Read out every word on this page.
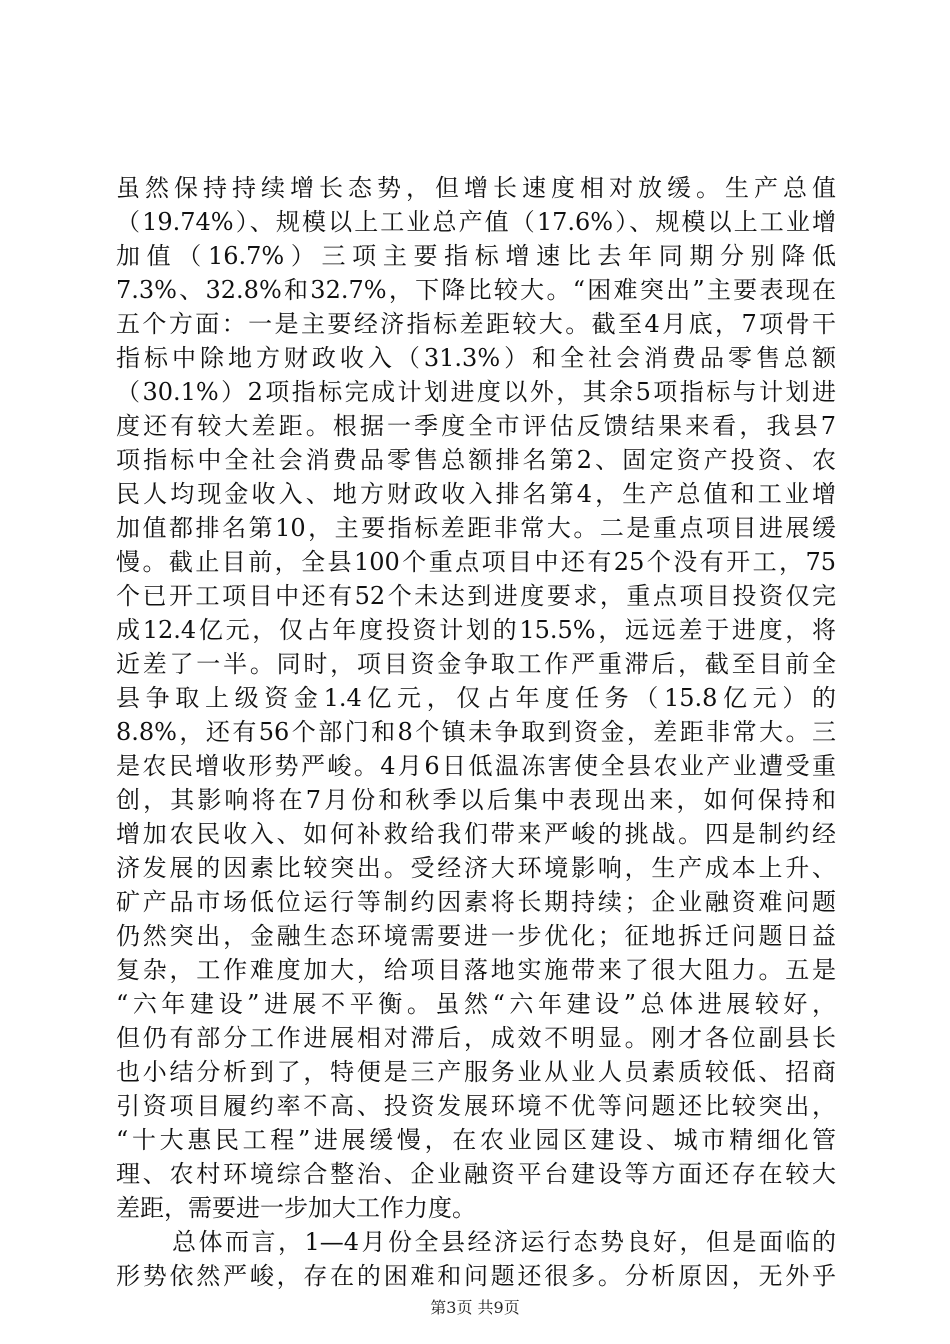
虽然保持持续增长态势，但增长速度相对放缓。生产总值
（19.74%）、规模以上工业总产值（17.6%）、规模以上工业增
加值（16.7%）三项主要指标增速比去年同期分别降低
7.3%、32.8%和32.7%，下降比较大。“困难突出”主要表现在
五个方面：一是主要经济指标差距较大。截至4月底，7项骨干
指标中除地方财政收入（31.3%）和全社会消费品零售总额
（30.1%）2项指标完成计划进度以外，其余5项指标与计划进
度还有较大差距。根据一季度全市评估反馈结果来看，我县7
项指标中全社会消费品零售总额排名第2、固定资产投资、农
民人均现金收入、地方财政收入排名第4，生产总值和工业增
加值都排名第10，主要指标差距非常大。二是重点项目进展缓
慢。截止目前，全县100个重点项目中还有25个没有开工，75
个已开工项目中还有52个未达到进度要求，重点项目投资仅完
成12.4亿元，仅占年度投资计划的15.5%，远远差于进度，将
近差了一半。同时，项目资金争取工作严重滞后，截至目前全
县争取上级资金1.4亿元，仅占年度任务（15.8亿元）的
8.8%，还有56个部门和8个镇未争取到资金，差距非常大。三
是农民增收形势严峻。4月6日低温冻害使全县农业产业遭受重
创，其影响将在7月份和秋季以后集中表现出来，如何保持和
增加农民收入、如何补救给我们带来严峻的挑战。四是制约经
济发展的因素比较突出。受经济大环境影响，生产成本上升、
矿产品市场低位运行等制约因素将长期持续；企业融资难问题
仍然突出，金融生态环境需要进一步优化；征地拆迁问题日益
复杂，工作难度加大，给项目落地实施带来了很大阻力。五是
“六年建设”进展不平衡。虽然“六年建设”总体进展较好，
但仍有部分工作进展相对滞后，成效不明显。刚才各位副县长
也小结分析到了，特便是三产服务业从业人员素质较低、招商
引资项目履约率不高、投资发展环境不优等问题还比较突出，
“十大惠民工程”进展缓慢，在农业园区建设、城市精细化管
理、农村环境综合整治、企业融资平台建设等方面还存在较大
差距，需要进一步加大工作力度。
总体而言，1—4月份全县经济运行态势良好，但是面临的
形势依然严峻，存在的困难和问题还很多。分析原因，无外乎
第3页 共9页
